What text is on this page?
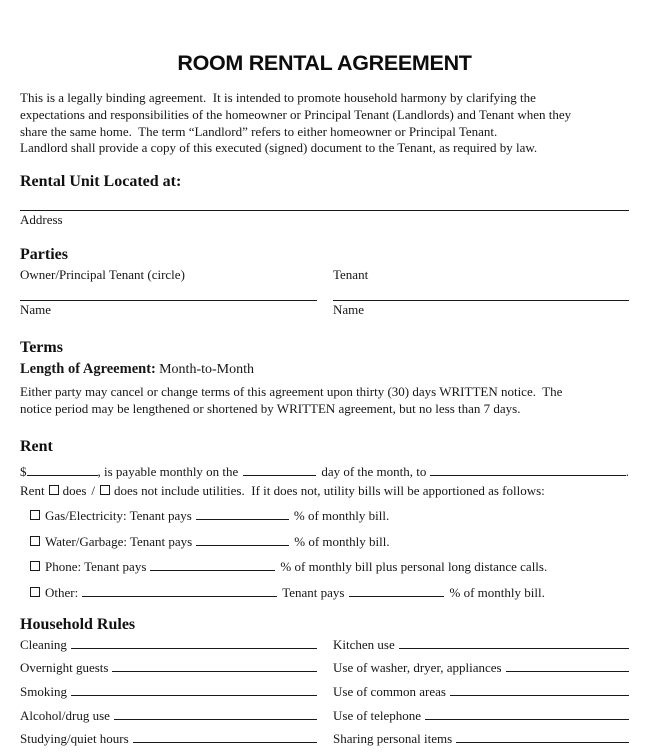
ROOM RENTAL AGREEMENT
This is a legally binding agreement.  It is intended to promote household harmony by clarifying the
expectations and responsibilities of the homeowner or Principal Tenant (Landlords) and Tenant when they
share the same home.  The term “Landlord” refers to either homeowner or Principal Tenant.
Landlord shall provide a copy of this executed (signed) document to the Tenant, as required by law.
Rental Unit Located at:
Address
Parties
Owner/Principal Tenant (circle)	Tenant
Name	Name
Terms
Length of Agreement: Month-to-Month
Either party may cancel or change terms of this agreement upon thirty (30) days WRITTEN notice.  The
notice period may be lengthened or shortened by WRITTEN agreement, but no less than 7 days.
Rent
$	, is payable monthly on the	day of the month, to	.
Rent does / does not include utilities.  If it does not, utility bills will be apportioned as follows:
Gas/Electricity: Tenant pays	% of monthly bill.
Water/Garbage: Tenant pays	% of monthly bill.
Phone: Tenant pays	% of monthly bill plus personal long distance calls.
Other:	Tenant pays	% of monthly bill.
Household Rules
Cleaning	Kitchen use
Overnight guests	Use of washer, dryer, appliances
Smoking	Use of common areas
Alcohol/drug use	Use of telephone
Studying/quiet hours	Sharing personal items
